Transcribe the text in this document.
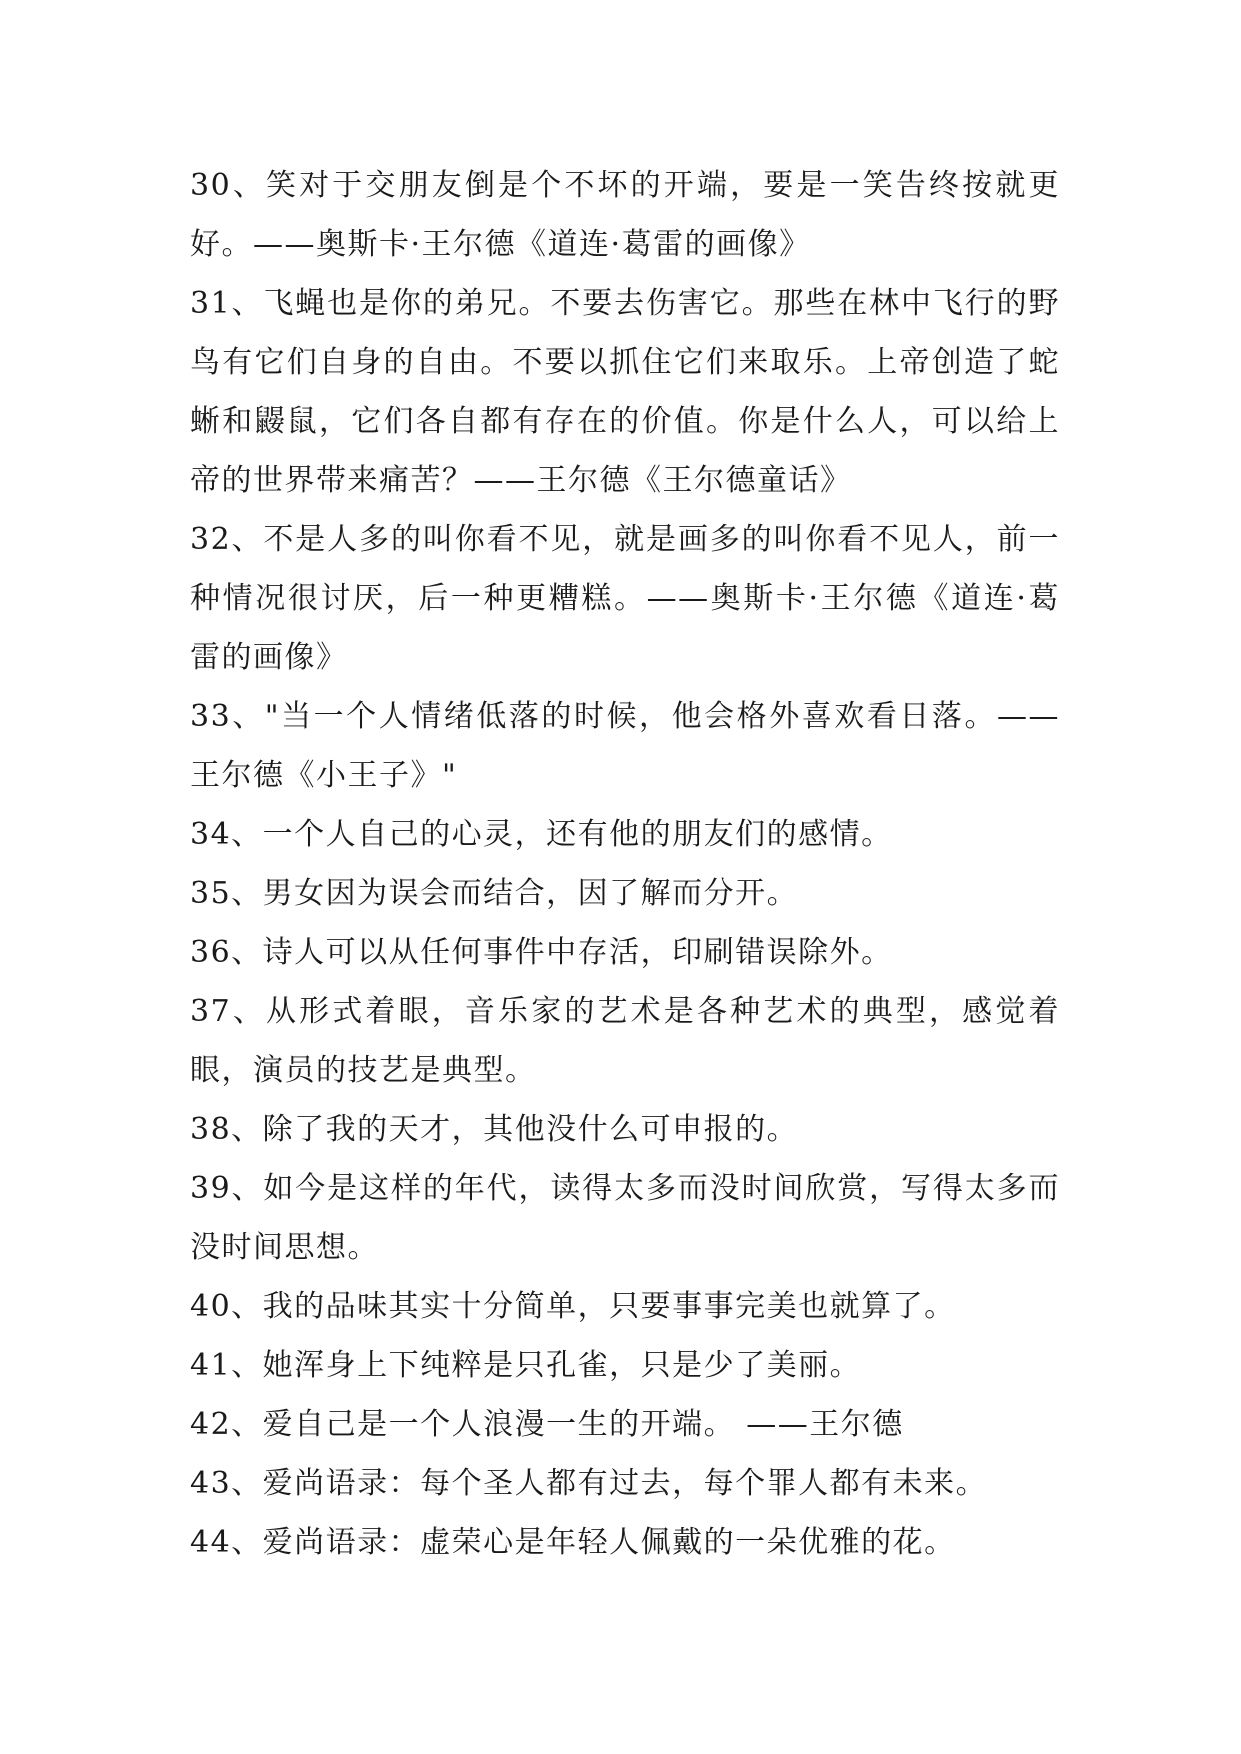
30、笑对于交朋友倒是个不坏的开端，要是一笑告终按就更好。——奥斯卡·王尔德《道连·葛雷的画像》

31、飞蝇也是你的弟兄。不要去伤害它。那些在林中飞行的野鸟有它们自身的自由。不要以抓住它们来取乐。上帝创造了蛇蜥和鼹鼠，它们各自都有存在的价值。你是什么人，可以给上帝的世界带来痛苦？——王尔德《王尔德童话》

32、不是人多的叫你看不见，就是画多的叫你看不见人，前一种情况很讨厌，后一种更糟糕。——奥斯卡·王尔德《道连·葛雷的画像》

33、"当一个人情绪低落的时候，他会格外喜欢看日落。——王尔德《小王子》"

34、一个人自己的心灵，还有他的朋友们的感情。

35、男女因为误会而结合，因了解而分开。

36、诗人可以从任何事件中存活，印刷错误除外。

37、从形式着眼，音乐家的艺术是各种艺术的典型，感觉着眼，演员的技艺是典型。

38、除了我的天才，其他没什么可申报的。

39、如今是这样的年代，读得太多而没时间欣赏，写得太多而没时间思想。

40、我的品味其实十分简单，只要事事完美也就算了。

41、她浑身上下纯粹是只孔雀，只是少了美丽。

42、爱自己是一个人浪漫一生的开端。 ——王尔德

43、爱尚语录：每个圣人都有过去，每个罪人都有未来。

44、爱尚语录：虚荣心是年轻人佩戴的一朵优雅的花。
